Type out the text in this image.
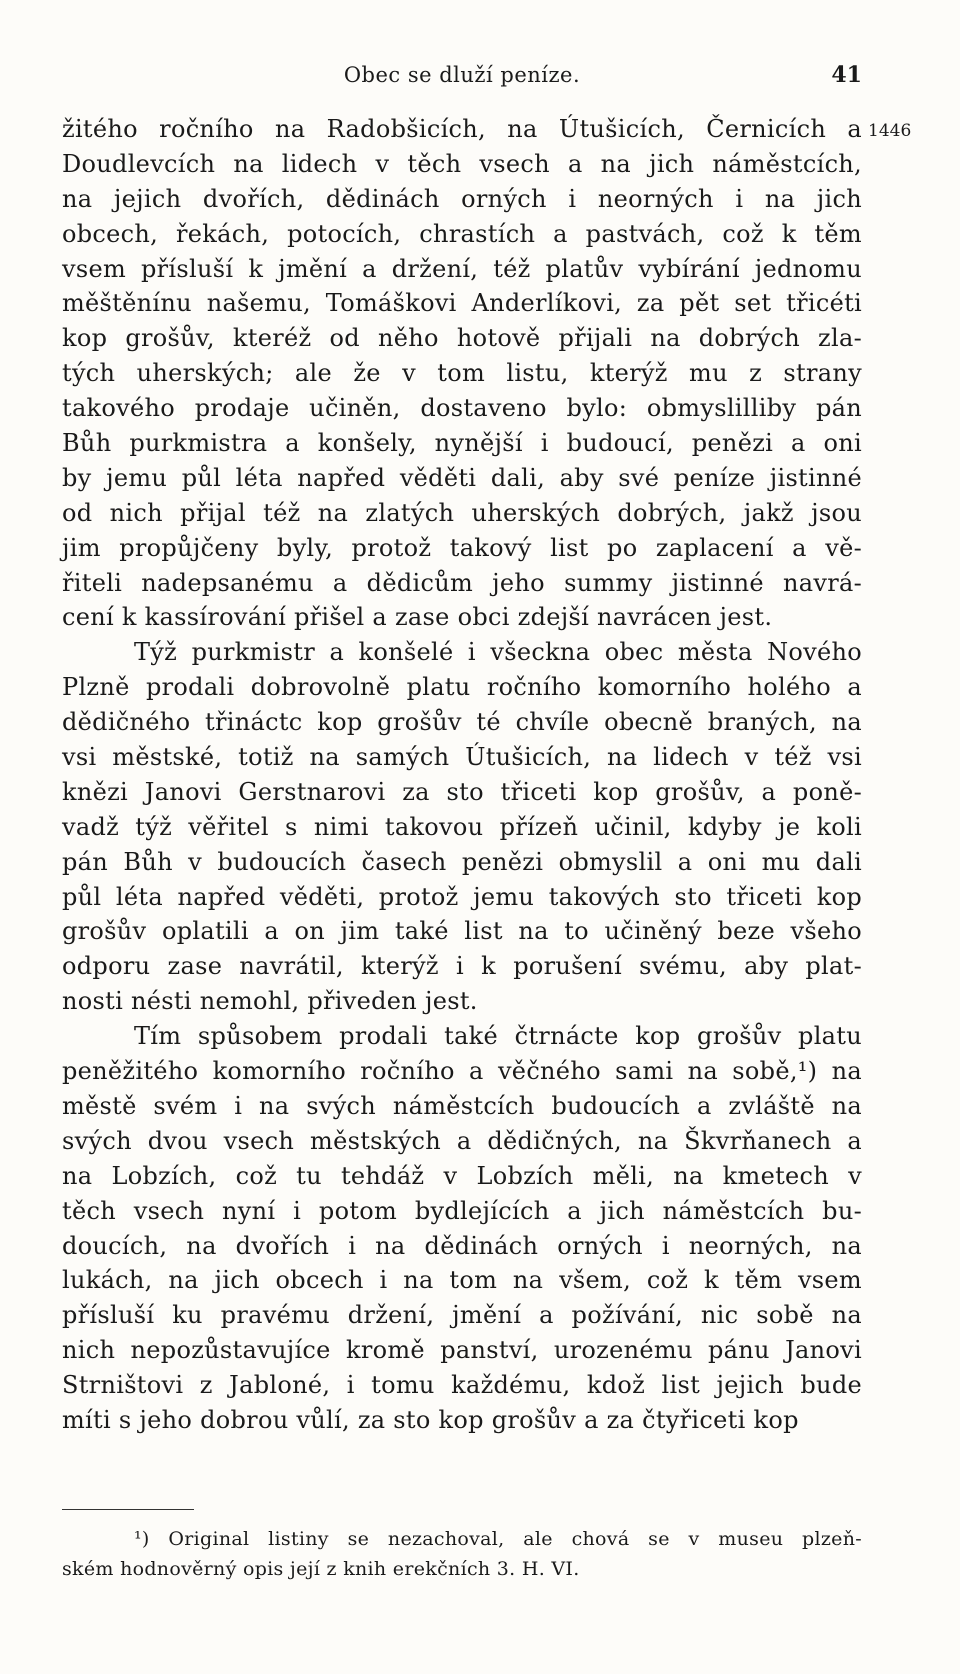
Obec se dluží peníze.	41
1446
žitého ročního na Radobšicích, na Útušicích, Černicích a
Doudlevcích na lidech v těch vsech a na jich náměstcích,
na jejich dvořích, dědinách orných i neorných i na jich
obcech, řekách, potocích, chrastích a pastvách, což k těm
vsem přísluší k jmění a držení, též platův vybírání jednomu
měštěnínu našemu, Tomáškovi Anderlíkovi, za pět set třicéti
kop grošův, kteréž od něho hotově přijali na dobrých zla-
tých uherských; ale že v tom listu, kterýž mu z strany
takového prodaje učiněn, dostaveno bylo: obmyslilliby pán
Bůh purkmistra a konšely, nynější i budoucí, penězi a oni
by jemu půl léta napřed věděti dali, aby své peníze jistinné
od nich přijal též na zlatých uherských dobrých, jakž jsou
jim propůjčeny byly, protož takový list po zaplacení a vě-
řiteli nadepsanému a dědicům jeho summy jistinné navrá-
cení k kassírování přišel a zase obci zdejší navrácen jest.
Týž purkmistr a konšelé i všeckna obec města Nového
Plzně prodali dobrovolně platu ročního komorního holého a
dědičného třináctc kop grošův té chvíle obecně braných, na
vsi městské, totiž na samých Útušicích, na lidech v též vsi
knězi Janovi Gerstnarovi za sto třiceti kop grošův, a poně-
vadž týž věřitel s nimi takovou přízeň učinil, kdyby je koli
pán Bůh v budoucích časech penězi obmyslil a oni mu dali
půl léta napřed věděti, protož jemu takových sto třiceti kop
grošův oplatili a on jim také list na to učiněný beze všeho
odporu zase navrátil, kterýž i k porušení svému, aby plat-
nosti nésti nemohl, přiveden jest.
Tím spůsobem prodali také čtrnácte kop grošův platu
peněžitého komorního ročního a věčného sami na sobě,¹) na
městě svém i na svých náměstcích budoucích a zvláště na
svých dvou vsech městských a dědičných, na Škvrňanech a
na Lobzích, což tu tehdáž v Lobzích měli, na kmetech v
těch vsech nyní i potom bydlejících a jich náměstcích bu-
doucích, na dvořích i na dědinách orných i neorných, na
lukách, na jich obcech i na tom na všem, což k těm vsem
přísluší ku pravému držení, jmění a požívání, nic sobě na
nich nepozůstavujíce kromě panství, urozenému pánu Janovi
Strništovi z Jabloné, i tomu každému, kdož list jejich bude
míti s jeho dobrou vůlí, za sto kop grošův a za čtyřiceti kop
¹) Original listiny se nezachoval, ale chová se v museu plzeň-
ském hodnověrný opis její z knih erekčních 3. H. VI.
